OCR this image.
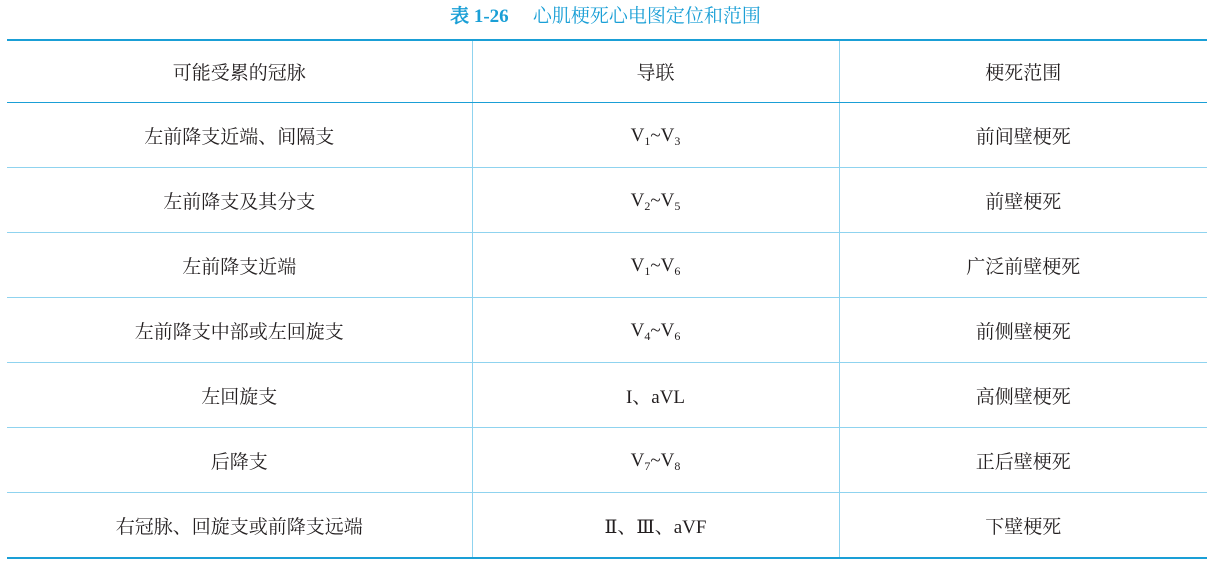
表 1-26 心肌梗死心电图定位和范围
可能受累的冠脉	导联	梗死范围
左前降支近端、间隔支	$V_1\sim V_3$	前间壁梗死
左前降支及其分支	$V_2\sim V_5$	前壁梗死
左前降支近端	$V_1\sim V_6$	广泛前壁梗死
左前降支中部或左回旋支	$V_4\sim V_6$	前侧壁梗死
左回旋支	I、aVL	高侧壁梗死
后降支	$V_7\sim V_8$	正后壁梗死
右冠脉、回旋支或前降支远端	Ⅱ、Ⅲ、aVF	下壁梗死
